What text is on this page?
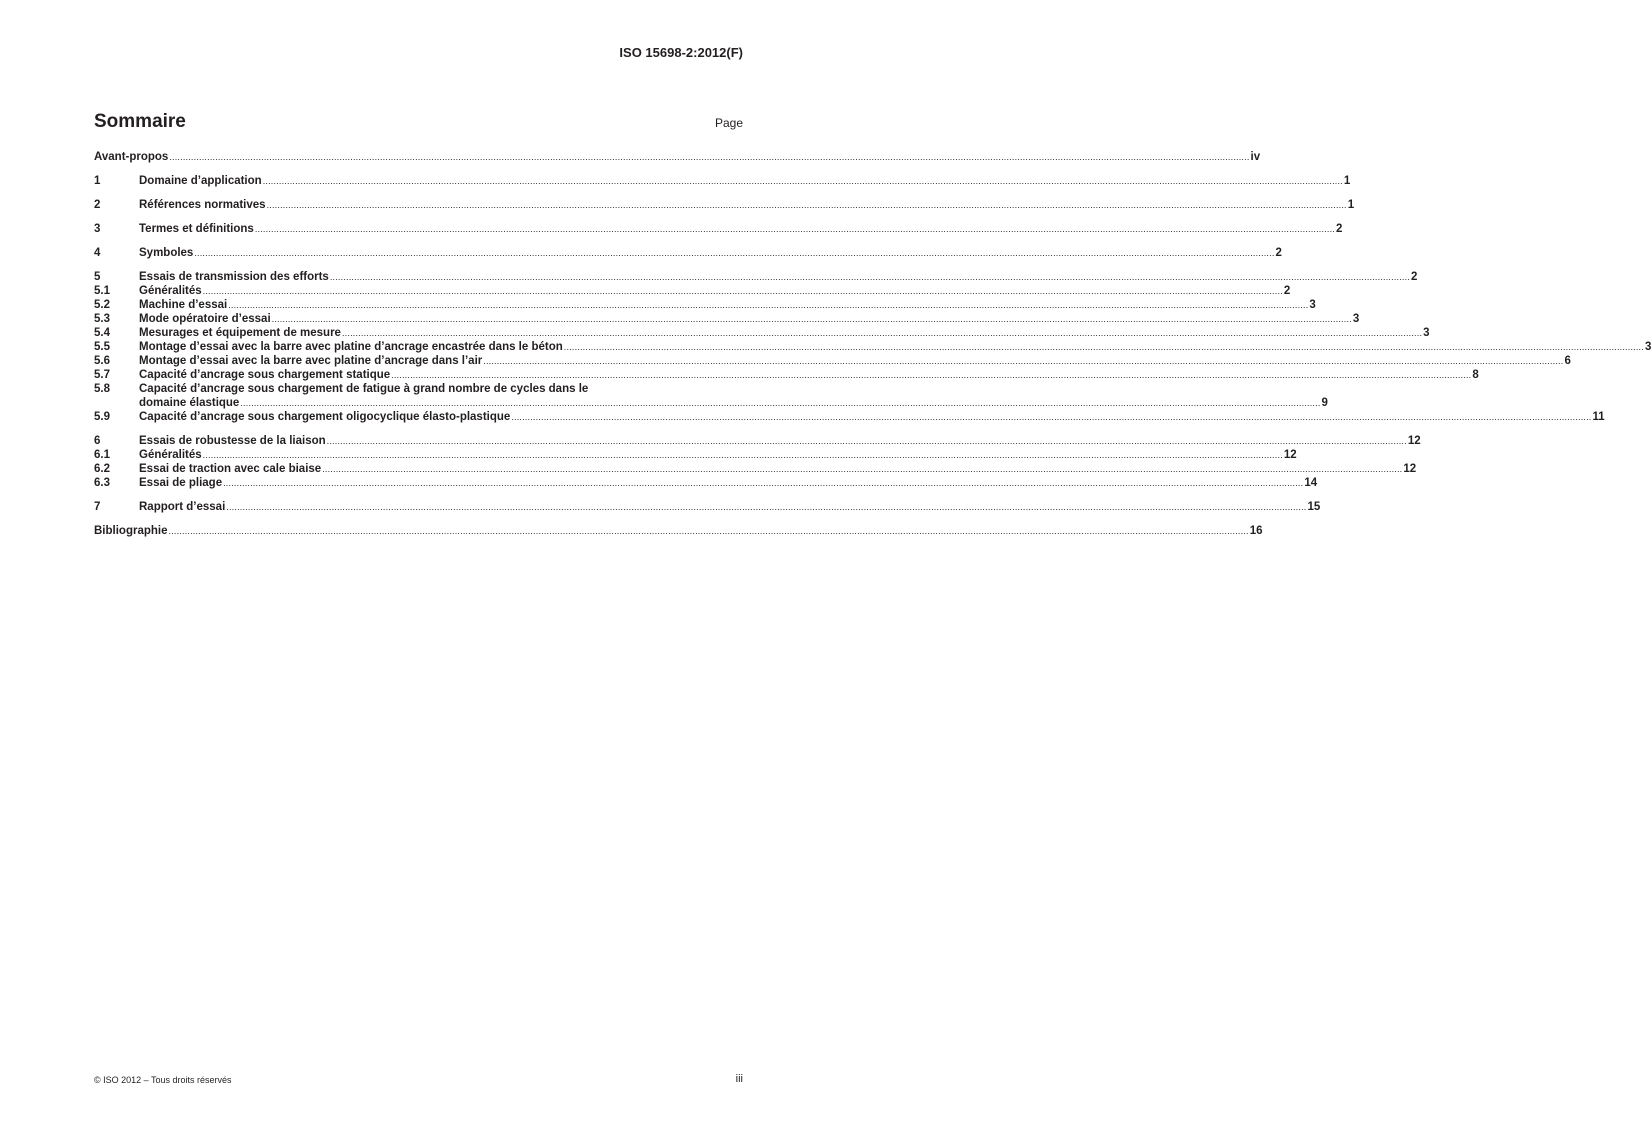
ISO 15698-2:2012(F)
Sommaire	Page
Avant-propos ................................................................................................................................................................................................................................................................................................................................................................................................................ iv
1	Domaine d’application ................................................................................................................................................................................................................................................................................................................................................................................................................ 1
2	Références normatives ................................................................................................................................................................................................................................................................................................................................................................................................................ 1
3	Termes et définitions ................................................................................................................................................................................................................................................................................................................................................................................................................ 2
4	Symboles ................................................................................................................................................................................................................................................................................................................................................................................................................ 2
5	Essais de transmission des efforts ................................................................................................................................................................................................................................................................................................................................................................................................................ 2
5.1	Généralités ................................................................................................................................................................................................................................................................................................................................................................................................................ 2
5.2	Machine d’essai ................................................................................................................................................................................................................................................................................................................................................................................................................ 3
5.3	Mode opératoire d’essai ................................................................................................................................................................................................................................................................................................................................................................................................................ 3
5.4	Mesurages et équipement de mesure ................................................................................................................................................................................................................................................................................................................................................................................................................ 3
5.5	Montage d’essai avec la barre avec platine d’ancrage encastrée dans le béton ................................................................................................................................................................................................................................................................................................................................................................................................................ 3
5.6	Montage d’essai avec la barre avec platine d’ancrage dans l’air ................................................................................................................................................................................................................................................................................................................................................................................................................ 6
5.7	Capacité d’ancrage sous chargement statique ................................................................................................................................................................................................................................................................................................................................................................................................................ 8
5.8	Capacité d’ancrage sous chargement de fatigue à grand nombre de cycles dans le
domaine élastique ................................................................................................................................................................................................................................................................................................................................................................................................................ 9
5.9	Capacité d’ancrage sous chargement oligocyclique élasto-plastique ................................................................................................................................................................................................................................................................................................................................................................................................................ 11
6	Essais de robustesse de la liaison ................................................................................................................................................................................................................................................................................................................................................................................................................ 12
6.1	Généralités ................................................................................................................................................................................................................................................................................................................................................................................................................ 12
6.2	Essai de traction avec cale biaise ................................................................................................................................................................................................................................................................................................................................................................................................................ 12
6.3	Essai de pliage ................................................................................................................................................................................................................................................................................................................................................................................................................ 14
7	Rapport d’essai ................................................................................................................................................................................................................................................................................................................................................................................................................ 15
Bibliographie ................................................................................................................................................................................................................................................................................................................................................................................................................ 16
© ISO 2012 – Tous droits réservés	iii
